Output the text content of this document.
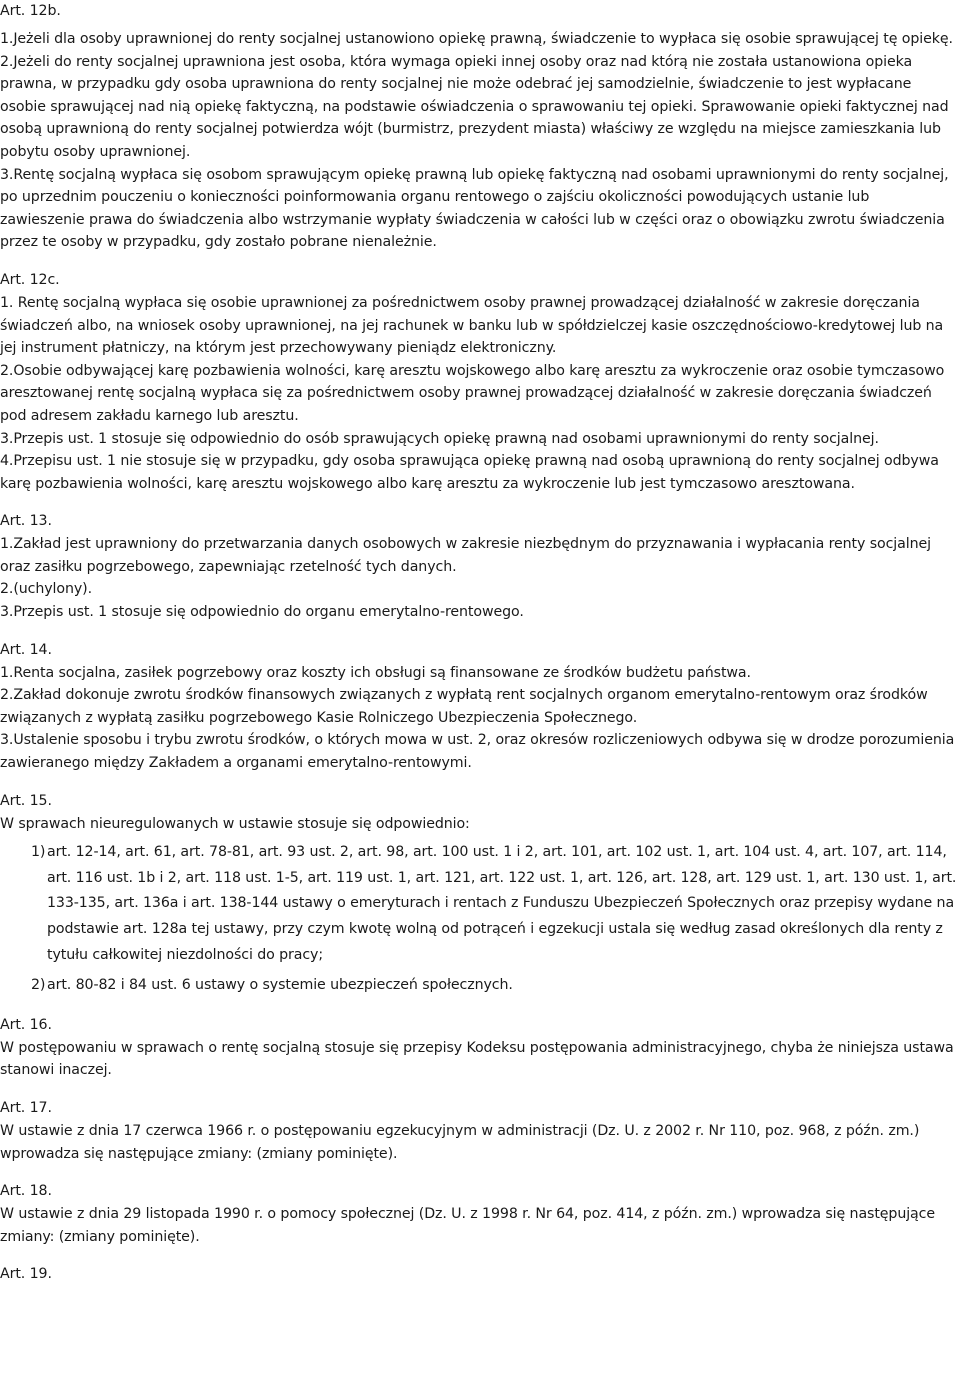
Art. 12b.

1.Jeżeli dla osoby uprawnionej do renty socjalnej ustanowiono opiekę prawną, świadczenie to wypłaca się osobie sprawującej tę opiekę.

2.Jeżeli do renty socjalnej uprawniona jest osoba, która wymaga opieki innej osoby oraz nad którą nie została ustanowiona opieka prawna, w przypadku gdy osoba uprawniona do renty socjalnej nie może odebrać jej samodzielnie, świadczenie to jest wypłacane osobie sprawującej nad nią opiekę faktyczną, na podstawie oświadczenia o sprawowaniu tej opieki. Sprawowanie opieki faktycznej nad osobą uprawnioną do renty socjalnej potwierdza wójt (burmistrz, prezydent miasta) właściwy ze względu na miejsce zamieszkania lub pobytu osoby uprawnionej.

3.Rentę socjalną wypłaca się osobom sprawującym opiekę prawną lub opiekę faktyczną nad osobami uprawnionymi do renty socjalnej, po uprzednim pouczeniu o konieczności poinformowania organu rentowego o zajściu okoliczności powodujących ustanie lub zawieszenie prawa do świadczenia albo wstrzymanie wypłaty świadczenia w całości lub w części oraz o obowiązku zwrotu świadczenia przez te osoby w przypadku, gdy zostało pobrane nienależnie.

Art. 12c.

1. Rentę socjalną wypłaca się osobie uprawnionej za pośrednictwem osoby prawnej prowadzącej działalność w zakresie doręczania świadczeń albo, na wniosek osoby uprawnionej, na jej rachunek w banku lub w spółdzielczej kasie oszczędnościowo-kredytowej lub na jej instrument płatniczy, na którym jest przechowywany pieniądz elektroniczny.

2.Osobie odbywającej karę pozbawienia wolności, karę aresztu wojskowego albo karę aresztu za wykroczenie oraz osobie tymczasowo aresztowanej rentę socjalną wypłaca się za pośrednictwem osoby prawnej prowadzącej działalność w zakresie doręczania świadczeń pod adresem zakładu karnego lub aresztu.

3.Przepis ust. 1 stosuje się odpowiednio do osób sprawujących opiekę prawną nad osobami uprawnionymi do renty socjalnej.

4.Przepisu ust. 1 nie stosuje się w przypadku, gdy osoba sprawująca opiekę prawną nad osobą uprawnioną do renty socjalnej odbywa karę pozbawienia wolności, karę aresztu wojskowego albo karę aresztu za wykroczenie lub jest tymczasowo aresztowana.

Art. 13.

1.Zakład jest uprawniony do przetwarzania danych osobowych w zakresie niezbędnym do przyznawania i wypłacania renty socjalnej oraz zasiłku pogrzebowego, zapewniając rzetelność tych danych.

2.(uchylony).

3.Przepis ust. 1 stosuje się odpowiednio do organu emerytalno-rentowego.

Art. 14.

1.Renta socjalna, zasiłek pogrzebowy oraz koszty ich obsługi są finansowane ze środków budżetu państwa.

2.Zakład dokonuje zwrotu środków finansowych związanych z wypłatą rent socjalnych organom emerytalno-rentowym oraz środków związanych z wypłatą zasiłku pogrzebowego Kasie Rolniczego Ubezpieczenia Społecznego.

3.Ustalenie sposobu i trybu zwrotu środków, o których mowa w ust. 2, oraz okresów rozliczeniowych odbywa się w drodze porozumienia zawieranego między Zakładem a organami emerytalno-rentowymi.

Art. 15.

W sprawach nieuregulowanych w ustawie stosuje się odpowiednio:

1) art. 12-14, art. 61, art. 78-81, art. 93 ust. 2, art. 98, art. 100 ust. 1 i 2, art. 101, art. 102 ust. 1, art. 104 ust. 4, art. 107, art. 114, art. 116 ust. 1b i 2, art. 118 ust. 1-5, art. 119 ust. 1, art. 121, art. 122 ust. 1, art. 126, art. 128, art. 129 ust. 1, art. 130 ust. 1, art. 133-135, art. 136a i art. 138-144 ustawy o emeryturach i rentach z Funduszu Ubezpieczeń Społecznych oraz przepisy wydane na podstawie art. 128a tej ustawy, przy czym kwotę wolną od potrąceń i egzekucji ustala się według zasad określonych dla renty z tytułu całkowitej niezdolności do pracy;
2) art. 80-82 i 84 ust. 6 ustawy o systemie ubezpieczeń społecznych.
Art. 16.

W postępowaniu w sprawach o rentę socjalną stosuje się przepisy Kodeksu postępowania administracyjnego, chyba że niniejsza ustawa stanowi inaczej.

Art. 17.

W ustawie z dnia 17 czerwca 1966 r. o postępowaniu egzekucyjnym w administracji (Dz. U. z 2002 r. Nr 110, poz. 968, z późn. zm.) wprowadza się następujące zmiany: (zmiany pominięte).

Art. 18.

W ustawie z dnia 29 listopada 1990 r. o pomocy społecznej (Dz. U. z 1998 r. Nr 64, poz. 414, z późn. zm.) wprowadza się następujące zmiany: (zmiany pominięte).

Art. 19.
